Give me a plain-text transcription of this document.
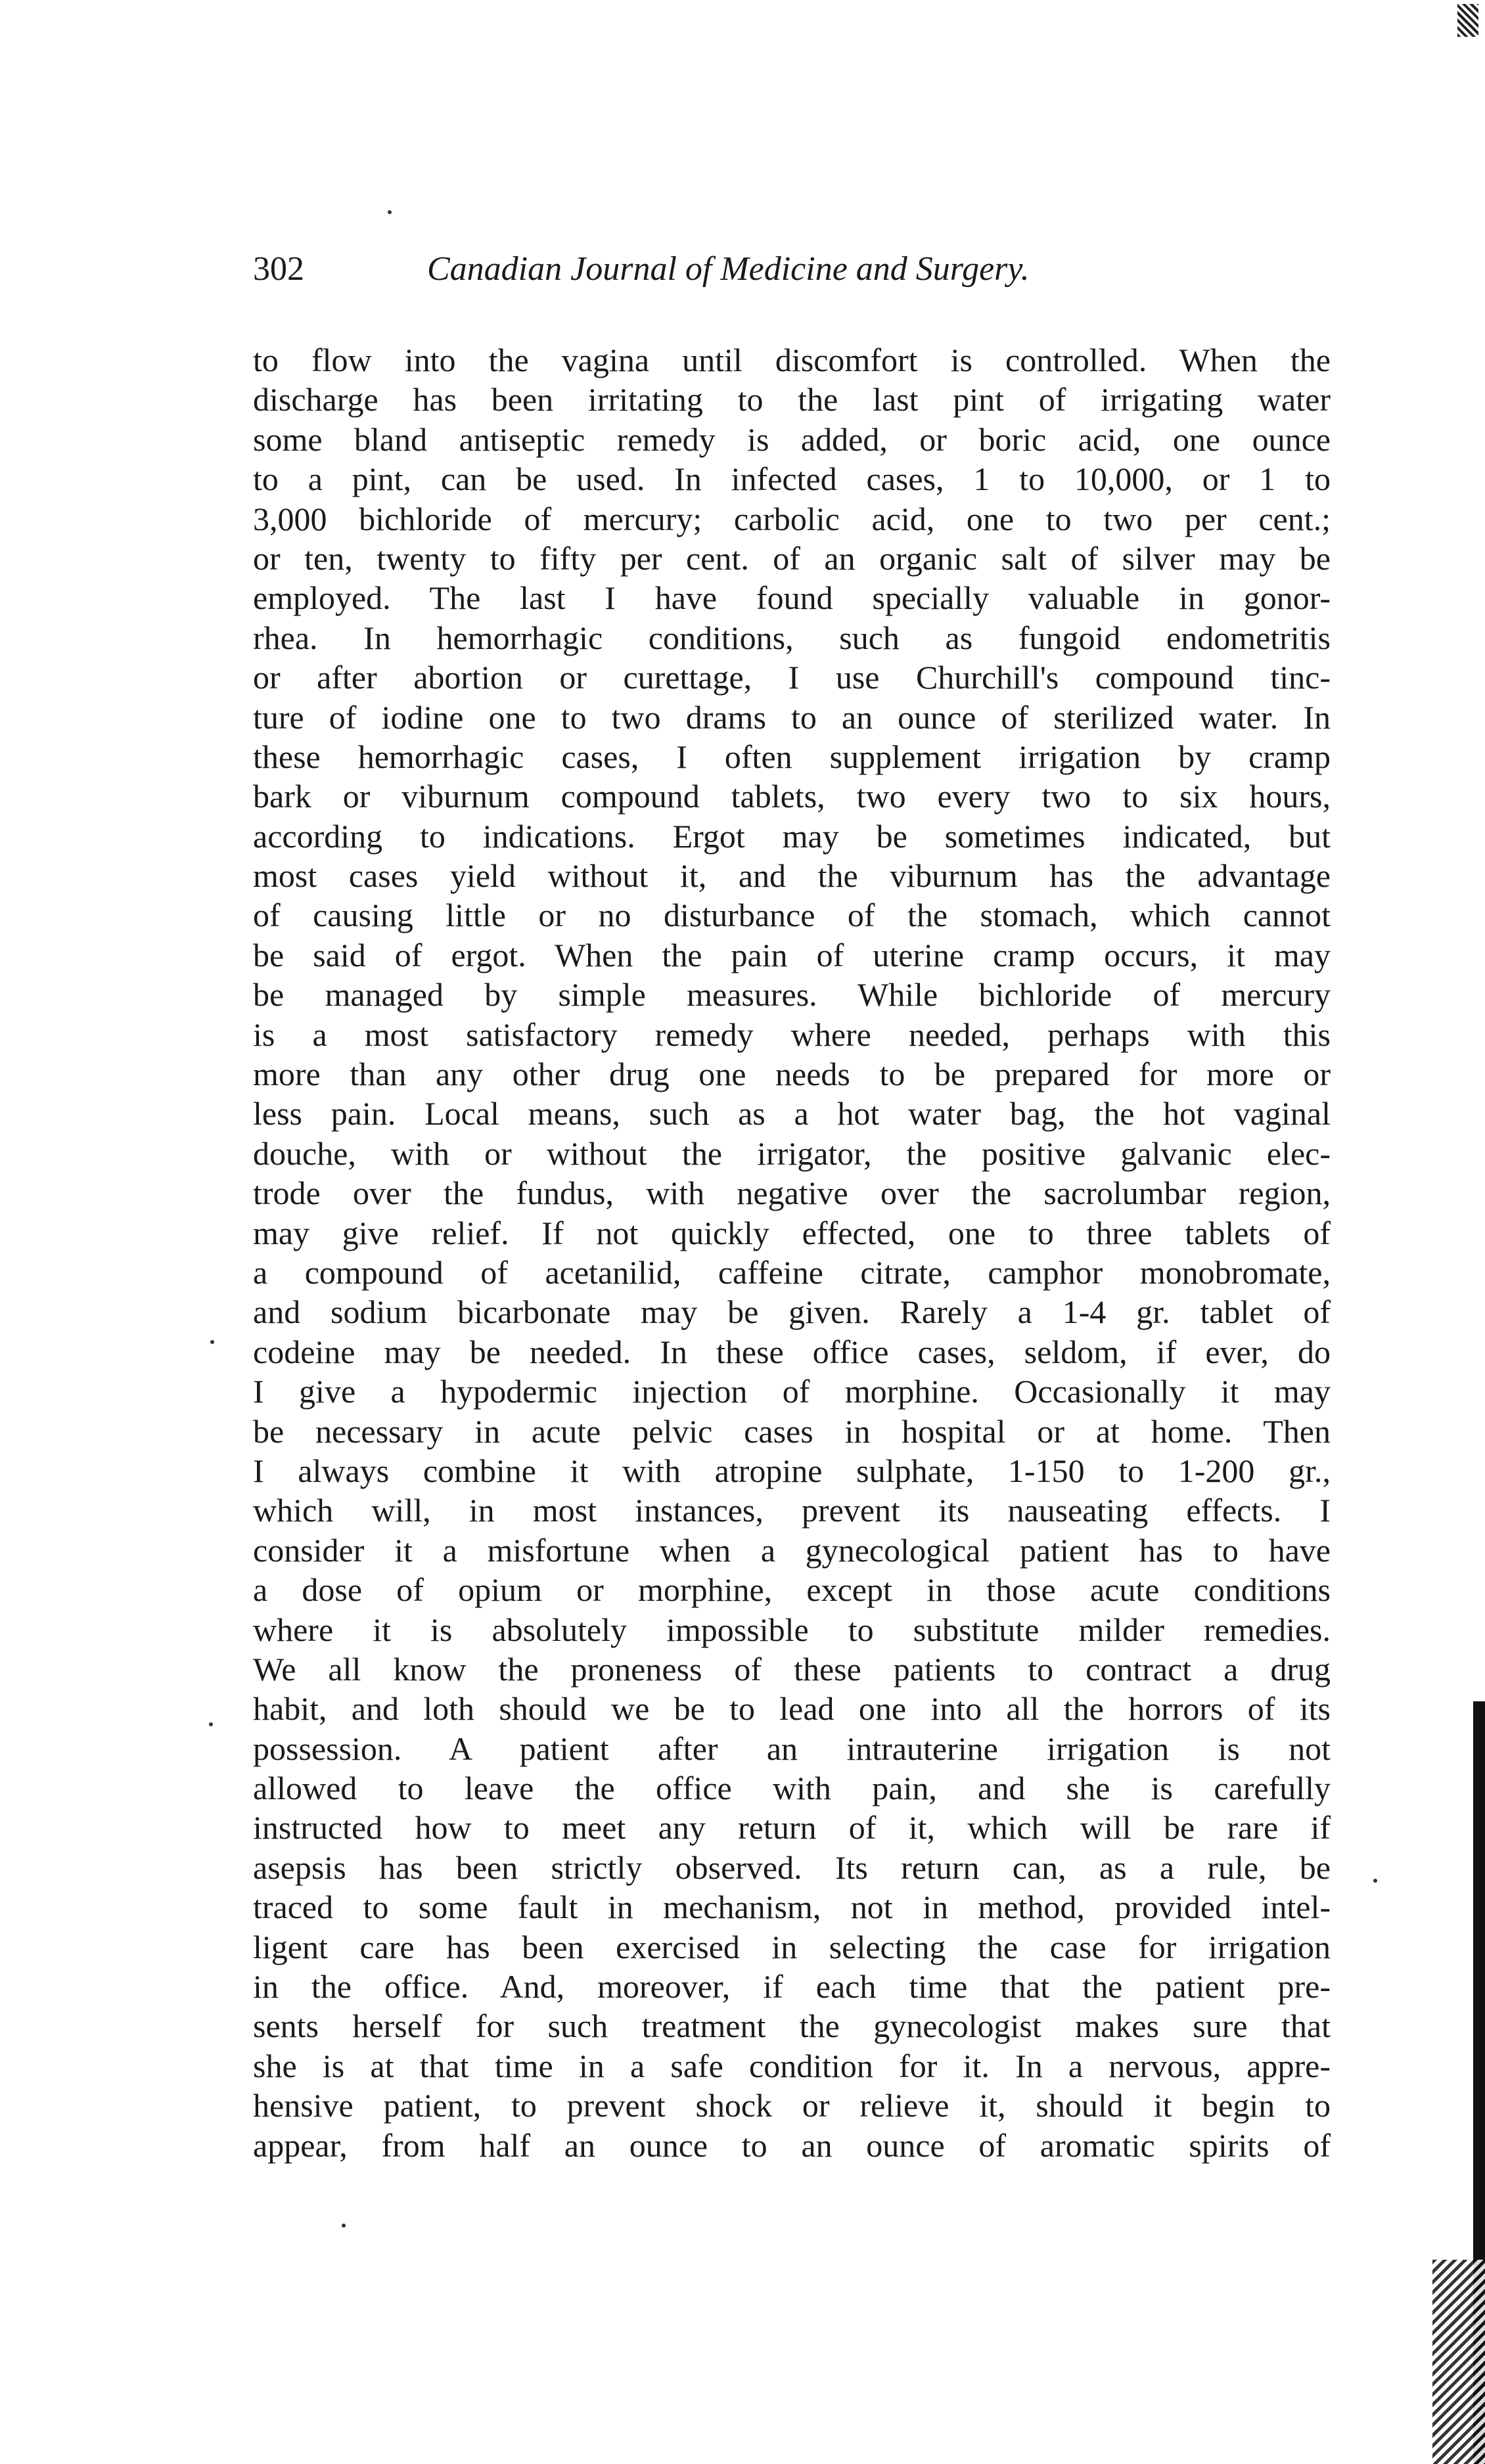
302	Canadian Journal of Medicine and Surgery.
to flow into the vagina until discomfort is controlled. When the
discharge has been irritating to the last pint of irrigating water
some bland antiseptic remedy is added, or boric acid, one ounce
to a pint, can be used. In infected cases, 1 to 10,000, or 1 to
3,000 bichloride of mercury; carbolic acid, one to two per cent.;
or ten, twenty to fifty per cent. of an organic salt of silver may be
employed. The last I have found specially valuable in gonor-
rhea. In hemorrhagic conditions, such as fungoid endometritis
or after abortion or curettage, I use Churchill's compound tinc-
ture of iodine one to two drams to an ounce of sterilized water. In
these hemorrhagic cases, I often supplement irrigation by cramp
bark or viburnum compound tablets, two every two to six hours,
according to indications. Ergot may be sometimes indicated, but
most cases yield without it, and the viburnum has the advantage
of causing little or no disturbance of the stomach, which cannot
be said of ergot. When the pain of uterine cramp occurs, it may
be managed by simple measures. While bichloride of mercury
is a most satisfactory remedy where needed, perhaps with this
more than any other drug one needs to be prepared for more or
less pain. Local means, such as a hot water bag, the hot vaginal
douche, with or without the irrigator, the positive galvanic elec-
trode over the fundus, with negative over the sacrolumbar region,
may give relief. If not quickly effected, one to three tablets of
a compound of acetanilid, caffeine citrate, camphor monobromate,
and sodium bicarbonate may be given. Rarely a 1-4 gr. tablet of
codeine may be needed. In these office cases, seldom, if ever, do
I give a hypodermic injection of morphine. Occasionally it may
be necessary in acute pelvic cases in hospital or at home. Then
I always combine it with atropine sulphate, 1-150 to 1-200 gr.,
which will, in most instances, prevent its nauseating effects. I
consider it a misfortune when a gynecological patient has to have
a dose of opium or morphine, except in those acute conditions
where it is absolutely impossible to substitute milder remedies.
We all know the proneness of these patients to contract a drug
habit, and loth should we be to lead one into all the horrors of its
possession. A patient after an intrauterine irrigation is not
allowed to leave the office with pain, and she is carefully
instructed how to meet any return of it, which will be rare if
asepsis has been strictly observed. Its return can, as a rule, be
traced to some fault in mechanism, not in method, provided intel-
ligent care has been exercised in selecting the case for irrigation
in the office. And, moreover, if each time that the patient pre-
sents herself for such treatment the gynecologist makes sure that
she is at that time in a safe condition for it. In a nervous, appre-
hensive patient, to prevent shock or relieve it, should it begin to
appear, from half an ounce to an ounce of aromatic spirits of
